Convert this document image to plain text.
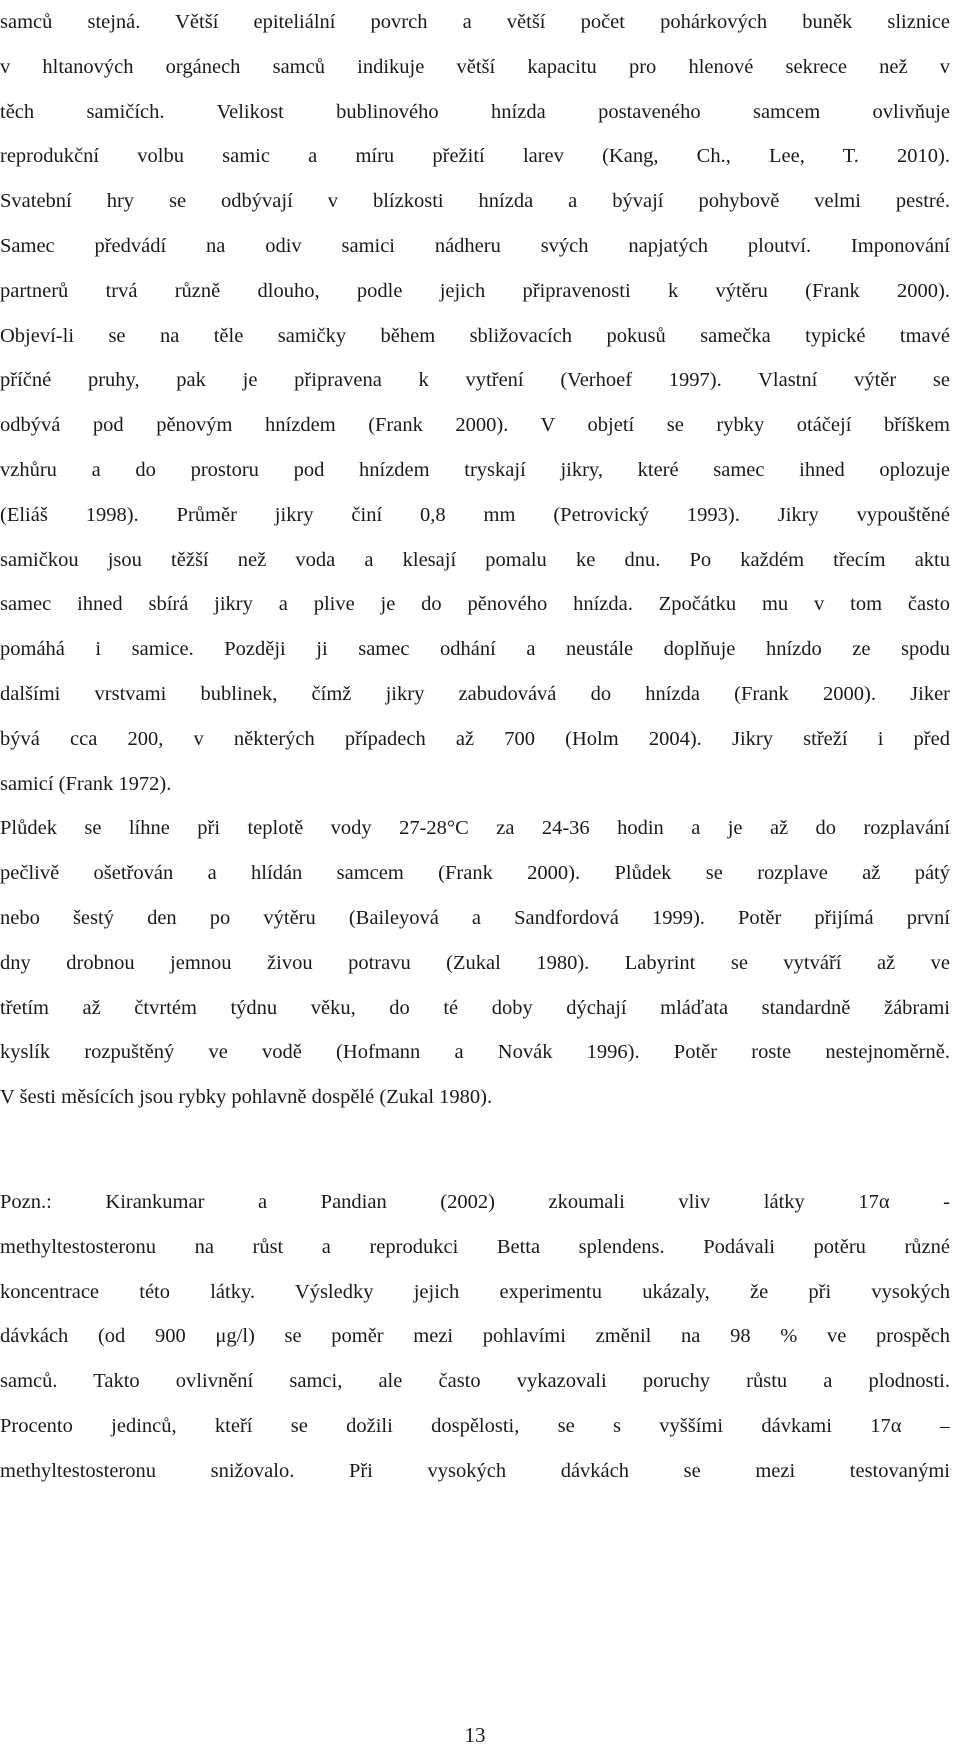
samců stejná. Větší epiteliální povrch a větší počet pohárkových buněk sliznice
v hltanových orgánech samců indikuje větší kapacitu pro hlenové sekrece než v
těch samičích. Velikost bublinového hnízda postaveného samcem ovlivňuje
reprodukční volbu samic a míru přežití larev (Kang, Ch., Lee, T. 2010).
Svatební hry se odbývají v blízkosti hnízda a bývají pohybově velmi pestré.
Samec předvádí na odiv samici nádheru svých napjatých ploutví. Imponování
partnerů trvá různě dlouho, podle jejich připravenosti k výtěru (Frank 2000).
Objeví-li se na těle samičky během sbližovacích pokusů samečka typické tmavé
příčné pruhy, pak je připravena k vytření (Verhoef 1997). Vlastní výtěr se
odbývá pod pěnovým hnízdem (Frank 2000). V objetí se rybky otáčejí bříškem
vzhůru a do prostoru pod hnízdem tryskají jikry, které samec ihned oplozuje
(Eliáš 1998). Průměr jikry činí 0,8 mm (Petrovický 1993). Jikry vypouštěné
samičkou jsou těžší než voda a klesají pomalu ke dnu. Po každém třecím aktu
samec ihned sbírá jikry a plive je do pěnového hnízda. Zpočátku mu v tom často
pomáhá i samice. Později ji samec odhání a neustále doplňuje hnízdo ze spodu
dalšími vrstvami bublinek, čímž jikry zabudovává do hnízda (Frank 2000). Jiker
bývá cca 200, v některých případech až 700 (Holm 2004). Jikry střeží i před
samicí (Frank 1972).
Plůdek se líhne při teplotě vody 27-28°C za 24-36 hodin a je až do rozplavání
pečlivě ošetřován a hlídán samcem (Frank 2000). Plůdek se rozplave až pátý
nebo šestý den po výtěru (Baileyová a Sandfordová 1999). Potěr přijímá první
dny drobnou jemnou živou potravu (Zukal 1980). Labyrint se vytváří až ve
třetím až čtvrtém týdnu věku, do té doby dýchají mláďata standardně žábrami
kyslík rozpuštěný ve vodě (Hofmann a Novák 1996). Potěr roste nestejnoměrně.
V šesti měsících jsou rybky pohlavně dospělé (Zukal 1980).
Pozn.: Kirankumar a Pandian (2002) zkoumali vliv látky 17α -
methyltestosteronu na růst a reprodukci Betta splendens. Podávali potěru různé
koncentrace této látky. Výsledky jejich experimentu ukázaly, že při vysokých
dávkách (od 900 μg/l) se poměr mezi pohlavími změnil na 98 % ve prospěch
samců. Takto ovlivnění samci, ale často vykazovali poruchy růstu a plodnosti.
Procento jedinců, kteří se dožili dospělosti, se s vyššími dávkami 17α –
methyltestosteronu snižovalo. Při vysokých dávkách se mezi testovanými
13
